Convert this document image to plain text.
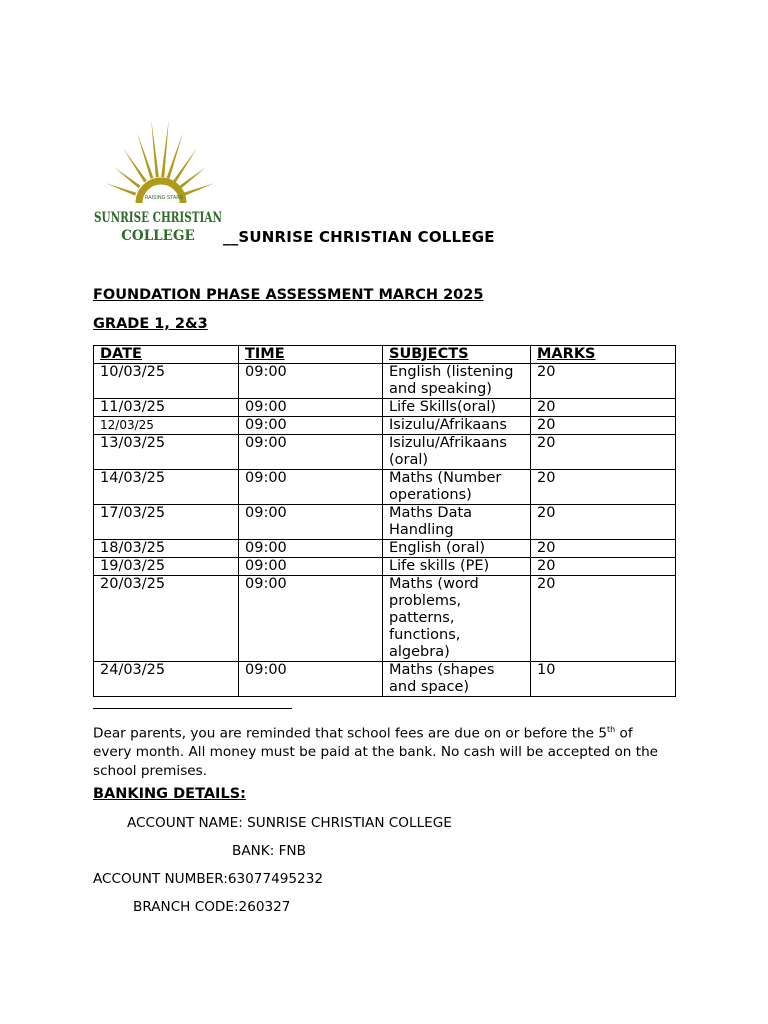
RAISING STARS
SUNRISE CHRISTIAN
COLLEGE __SUNRISE CHRISTIAN COLLEGE
FOUNDATION PHASE ASSESSMENT MARCH 2025
GRADE 1, 2&3
DATE	TIME	SUBJECTS	MARKS
10/03/25	09:00	English (listening and speaking)	20
11/03/25	09:00	Life Skills(oral)	20
12/03/25	09:00	Isizulu/Afrikaans	20
13/03/25	09:00	Isizulu/Afrikaans (oral)	20
14/03/25	09:00	Maths (Number operations)	20
17/03/25	09:00	Maths Data Handling	20
18/03/25	09:00	English (oral)	20
19/03/25	09:00	Life skills (PE)	20
20/03/25	09:00	Maths (word problems, patterns, functions, algebra)	20
24/03/25	09:00	Maths (shapes and space)	10
Dear parents, you are reminded that school fees are due on or before the 5th of every month. All money must be paid at the bank. No cash will be accepted on the school premises.
BANKING DETAILS:
ACCOUNT NAME: SUNRISE CHRISTIAN COLLEGE
BANK: FNB
ACCOUNT NUMBER:63077495232
BRANCH CODE:260327
